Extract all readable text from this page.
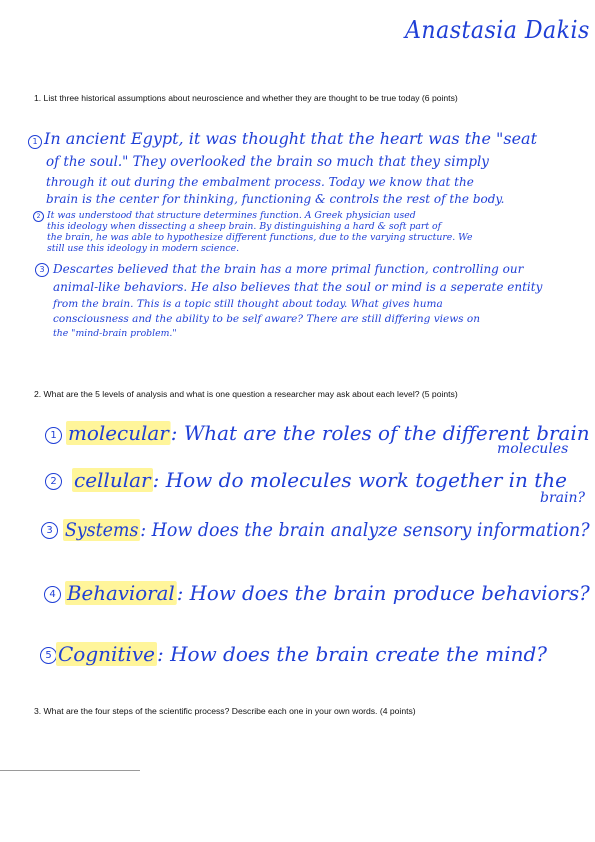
Anastasia Dakis
1. List three historical assumptions about neuroscience and whether they are thought to be true today (6 points)
1 In ancient Egypt, it was thought that the heart was the "seat
of the soul." They overlooked the brain so much that they simply
through it out during the embalment process. Today we know that the
brain is the center for thinking, functioning & controls the rest of the body.
2 It was understood that structure determines function. A Greek physician used
this ideology when dissecting a sheep brain. By distinguishing a hard & soft part of
the brain, he was able to hypothesize different functions, due to the varying structure. We
still use this ideology in modern science.
3 Descartes believed that the brain has a more primal function, controlling our
animal-like behaviors. He also believes that the soul or mind is a seperate entity
from the brain. This is a topic still thought about today. What gives huma
consciousness and the ability to be self aware? There are still differing views on
the "mind-brain problem."
2. What are the 5 levels of analysis and what is one question a researcher may ask about each level? (5 points)
1 molecular: What are the roles of the different brain
molecules
2 cellular : How do molecules work together in the
brain?
3 Systems: How does the brain analyze sensory information?
4 Behavioral: How does the brain produce behaviors?
5 Cognitive : How does the brain create the mind?
3. What are the four steps of the scientific process? Describe each one in your own words. (4 points)
